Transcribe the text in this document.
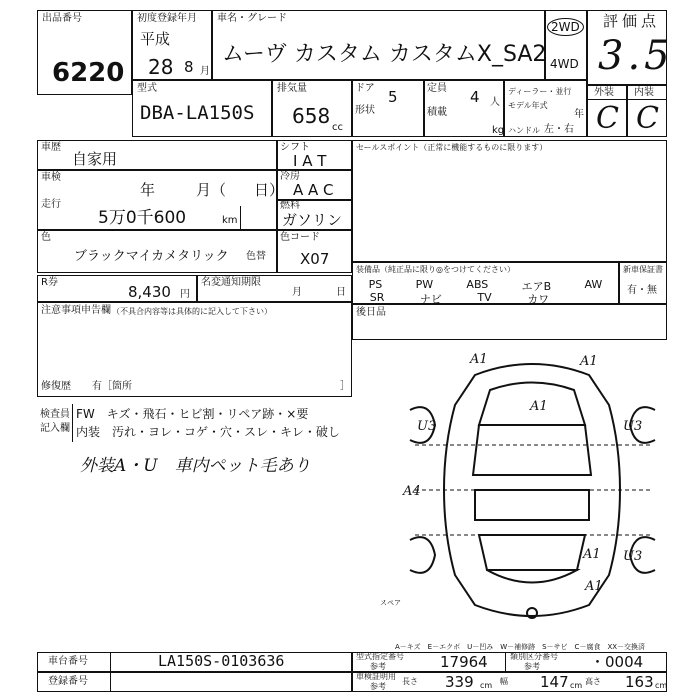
出品番号
6220
初度登録年月
平成
28 8 月
車名・グレード
ムーヴ カスタム カスタムX_SA2
2WD
4WD
評価点
3.5
型式
DBA-LA150S
排気量
658 cc
ドア 5
形状
定員 4 人
積載
kg
ディーラー・並行
モデル年式
年
ハンドル 左・右
外装 内装
C C
車歴
自家用
車検
年	月（ 日）
走行
5万0千600	km
シフト
I A T
冷房
A A C
燃料
ガソリン
色
ブラックマイカメタリック 色替
色コード
X07
R券
8,430 円
名変通知期限
月	日
注意事項申告欄 （不具合内容等は具体的に記入して下さい）
修復歴 有［箇所	］
セールスポイント（正常に機能するものに限ります）
装備品（純正品に限り◎をつけてください）
PS	PW	ABS	エアB	AW
SR	ナビ	TV	カワ
新車保証書
有・無
後日品
検査員
記入欄
FW　キズ・飛石・ヒビ割・リペア跡・×要
内装　汚れ・ヨレ・コゲ・穴・スレ・キレ・破し
外装A・U　車内ペット毛あり
A1	A1
A1
A4
A1
A1
U3	U3
U3
スペア
A－キズ　E－エクボ　U－凹み　W－補修跡　S－サビ　C－腐食　XX－交換済
車台番号	LA150S-0103636
登録番号
型式指定番号
参考	17964	類別区分番号
参考	・0004
車検証明用
参考
長さ 339 cm 幅 147 cm 高さ 163 cm
